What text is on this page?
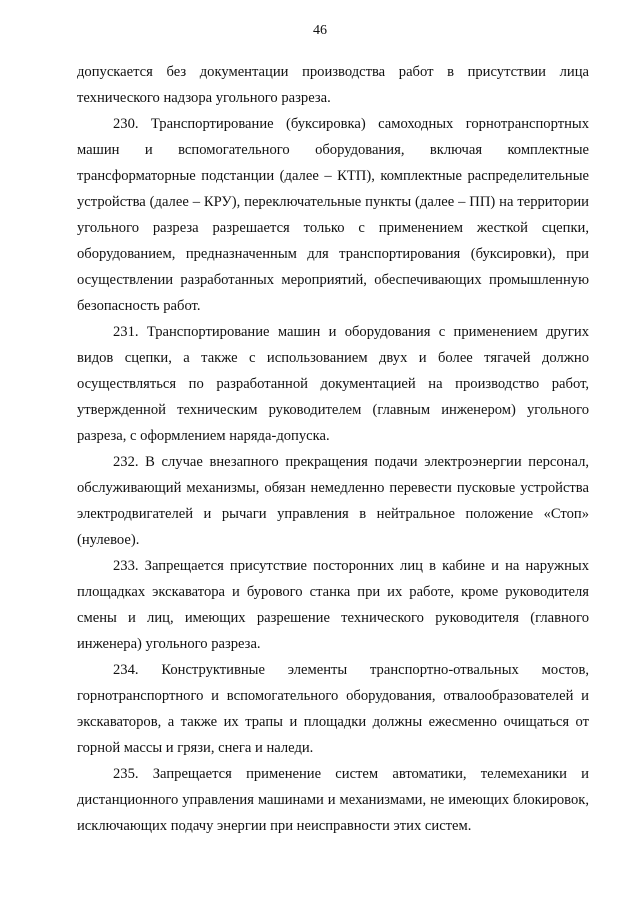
46

допускается без документации производства работ в присутствии лица технического надзора угольного разреза.

230. Транспортирование (буксировка) самоходных горнотранспортных машин и вспомогательного оборудования, включая комплектные трансформаторные подстанции (далее – КТП), комплектные распределительные устройства (далее – КРУ), переключательные пункты (далее – ПП) на территории угольного разреза разрешается только с применением жесткой сцепки, оборудованием, предназначенным для транспортирования (буксировки), при осуществлении разработанных мероприятий, обеспечивающих промышленную безопасность работ.

231. Транспортирование машин и оборудования с применением других видов сцепки, а также с использованием двух и более тягачей должно осуществляться по разработанной документацией на производство работ, утвержденной техническим руководителем (главным инженером) угольного разреза, с оформлением наряда-допуска.

232. В случае внезапного прекращения подачи электроэнергии персонал, обслуживающий механизмы, обязан немедленно перевести пусковые устройства электродвигателей и рычаги управления в нейтральное положение «Стоп» (нулевое).

233. Запрещается присутствие посторонних лиц в кабине и на наружных площадках экскаватора и бурового станка при их работе, кроме руководителя смены и лиц, имеющих разрешение технического руководителя (главного инженера) угольного разреза.

234. Конструктивные элементы транспортно-отвальных мостов, горнотранспортного и вспомогательного оборудования, отвалообразователей и экскаваторов, а также их трапы и площадки должны ежесменно очищаться от горной массы и грязи, снега и наледи.

235. Запрещается применение систем автоматики, телемеханики и дистанционного управления машинами и механизмами, не имеющих блокировок, исключающих подачу энергии при неисправности этих систем.
